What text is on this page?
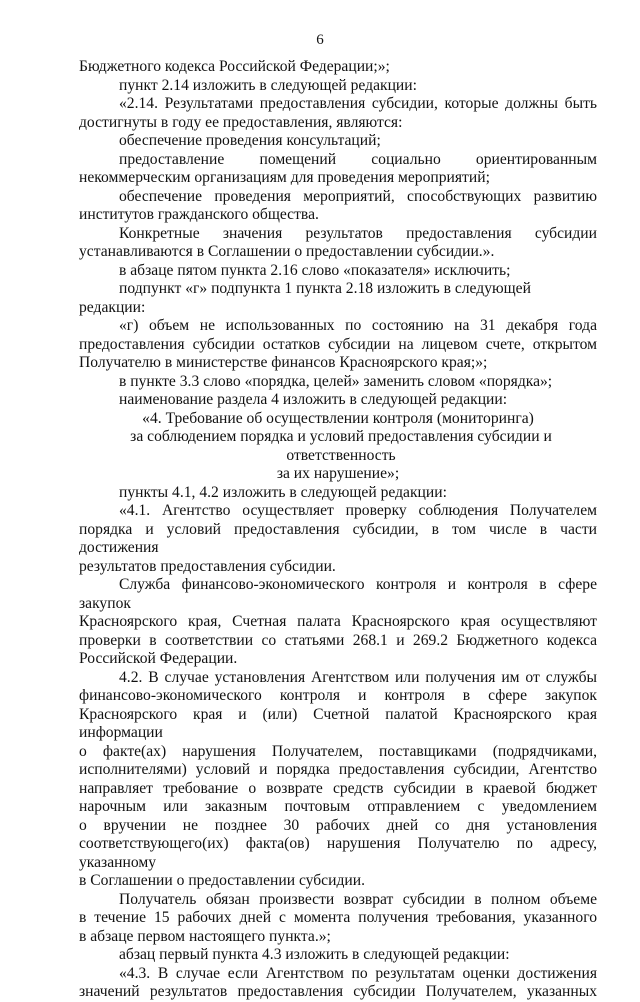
6

Бюджетного кодекса Российской Федерации;»;

пункт 2.14 изложить в следующей редакции:

«2.14. Результатами предоставления субсидии, которые должны быть

достигнуты в году ее предоставления, являются:

обеспечение проведения консультаций;

предоставление помещений социально ориентированным

некоммерческим организациям для проведения мероприятий;

обеспечение проведения мероприятий, способствующих развитию

институтов гражданского общества.

Конкретные значения результатов предоставления субсидии

устанавливаются в Соглашении о предоставлении субсидии.».

в абзаце пятом пункта 2.16 слово «показателя» исключить;

подпункт «г» подпункта 1 пункта 2.18 изложить в следующей редакции:

«г) объем не использованных по состоянию на 31 декабря года

предоставления субсидии остатков субсидии на лицевом счете, открытом

Получателю в министерстве финансов Красноярского края;»;

в пункте 3.3 слово «порядка, целей» заменить словом «порядка»;

наименование раздела 4 изложить в следующей редакции:

«4. Требование об осуществлении контроля (мониторинга)

за соблюдением порядка и условий предоставления субсидии и ответственность

за их нарушение»;

пункты 4.1, 4.2 изложить в следующей редакции:

«4.1. Агентство осуществляет проверку соблюдения Получателем

порядка и условий предоставления субсидии, в том числе в части достижения

результатов предоставления субсидии.

Служба финансово-экономического контроля и контроля в сфере закупок

Красноярского края, Счетная палата Красноярского края осуществляют

проверки в соответствии со статьями 268.1 и 269.2 Бюджетного кодекса

Российской Федерации.

4.2. В случае установления Агентством или получения им от службы

финансово-экономического контроля и контроля в сфере закупок

Красноярского края и (или) Счетной палатой Красноярского края информации

о факте(ах) нарушения Получателем, поставщиками (подрядчиками,

исполнителями) условий и порядка предоставления субсидии, Агентство

направляет требование о возврате средств субсидии в краевой бюджет

нарочным или заказным почтовым отправлением с уведомлением

о вручении не позднее 30 рабочих дней со дня установления

соответствующего(их) факта(ов) нарушения Получателю по адресу, указанному

в Соглашении о предоставлении субсидии.

Получатель обязан произвести возврат субсидии в полном объеме

в течение 15 рабочих дней с момента получения требования, указанного

в абзаце первом настоящего пункта.»;

абзац первый пункта 4.3 изложить в следующей редакции:

«4.3. В случае если Агентством по результатам оценки достижения

значений результатов предоставления субсидии Получателем, указанных
